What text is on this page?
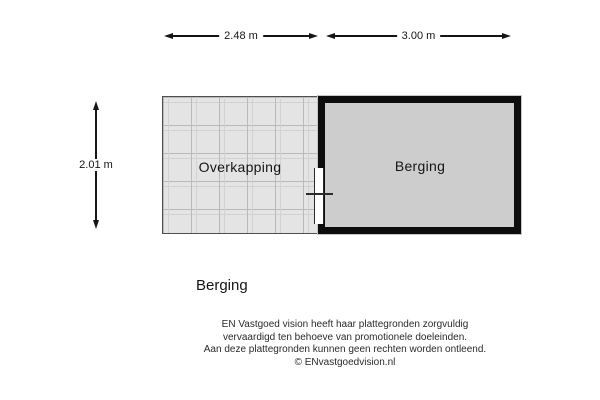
2.48 m	3.00 m
2.01 m	Overkapping	Berging
Berging
EN Vastgoed vision heeft haar plattegronden zorgvuldig
vervaardigd ten behoeve van promotionele doeleinden.
Aan deze plattegronden kunnen geen rechten worden ontleend.
© ENvastgoedvision.nl
